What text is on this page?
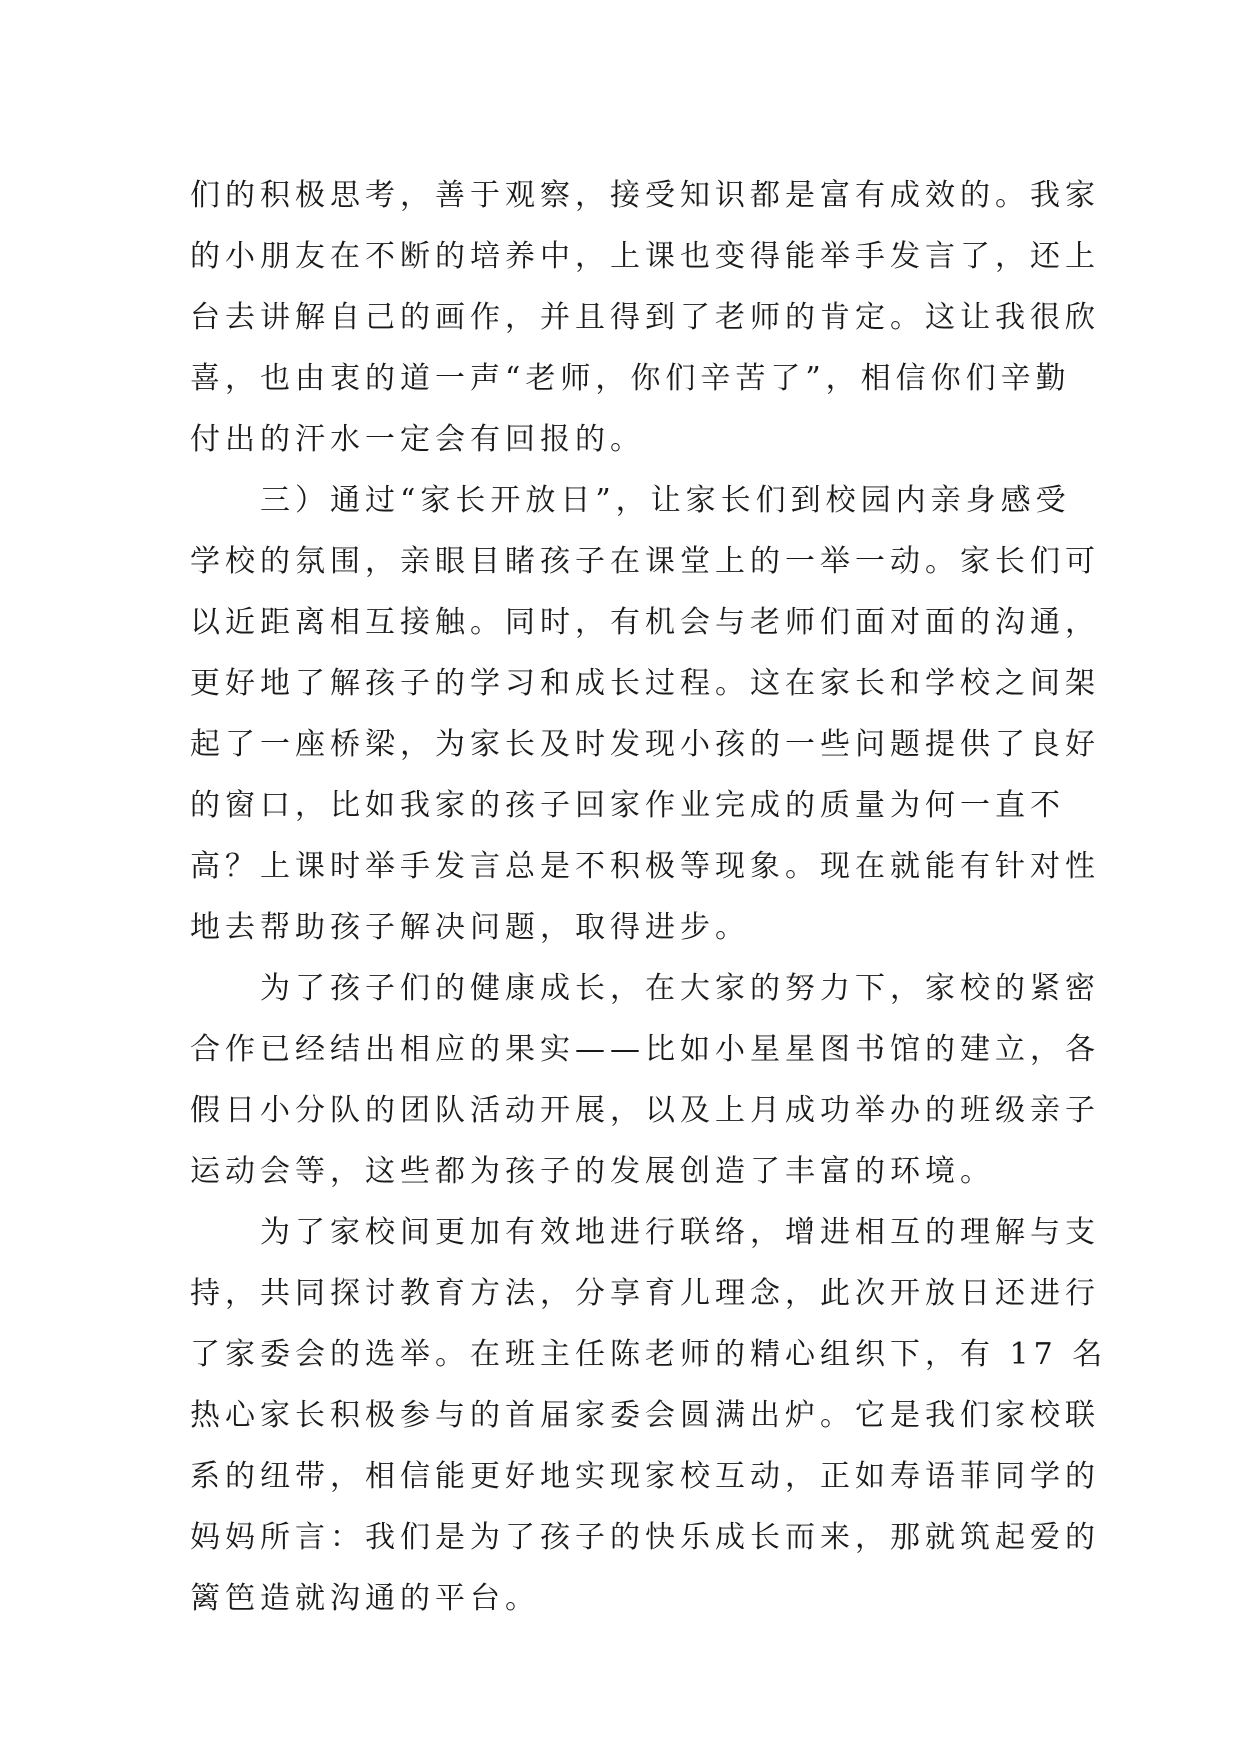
们的积极思考，善于观察，接受知识都是富有成效的。我家
的小朋友在不断的培养中，上课也变得能举手发言了，还上
台去讲解自己的画作，并且得到了老师的肯定。这让我很欣
喜，也由衷的道一声“老师，你们辛苦了”，相信你们辛勤
付出的汗水一定会有回报的。
三）通过“家长开放日”，让家长们到校园内亲身感受
学校的氛围，亲眼目睹孩子在课堂上的一举一动。家长们可
以近距离相互接触。同时，有机会与老师们面对面的沟通，
更好地了解孩子的学习和成长过程。这在家长和学校之间架
起了一座桥梁，为家长及时发现小孩的一些问题提供了良好
的窗口，比如我家的孩子回家作业完成的质量为何一直不
高？上课时举手发言总是不积极等现象。现在就能有针对性
地去帮助孩子解决问题，取得进步。
为了孩子们的健康成长，在大家的努力下，家校的紧密
合作已经结出相应的果实——比如小星星图书馆的建立，各
假日小分队的团队活动开展，以及上月成功举办的班级亲子
运动会等，这些都为孩子的发展创造了丰富的环境。
为了家校间更加有效地进行联络，增进相互的理解与支
持，共同探讨教育方法，分享育儿理念，此次开放日还进行
了家委会的选举。在班主任陈老师的精心组织下，有 17 名
热心家长积极参与的首届家委会圆满出炉。它是我们家校联
系的纽带，相信能更好地实现家校互动，正如寿语菲同学的
妈妈所言：我们是为了孩子的快乐成长而来，那就筑起爱的
篱笆造就沟通的平台。
